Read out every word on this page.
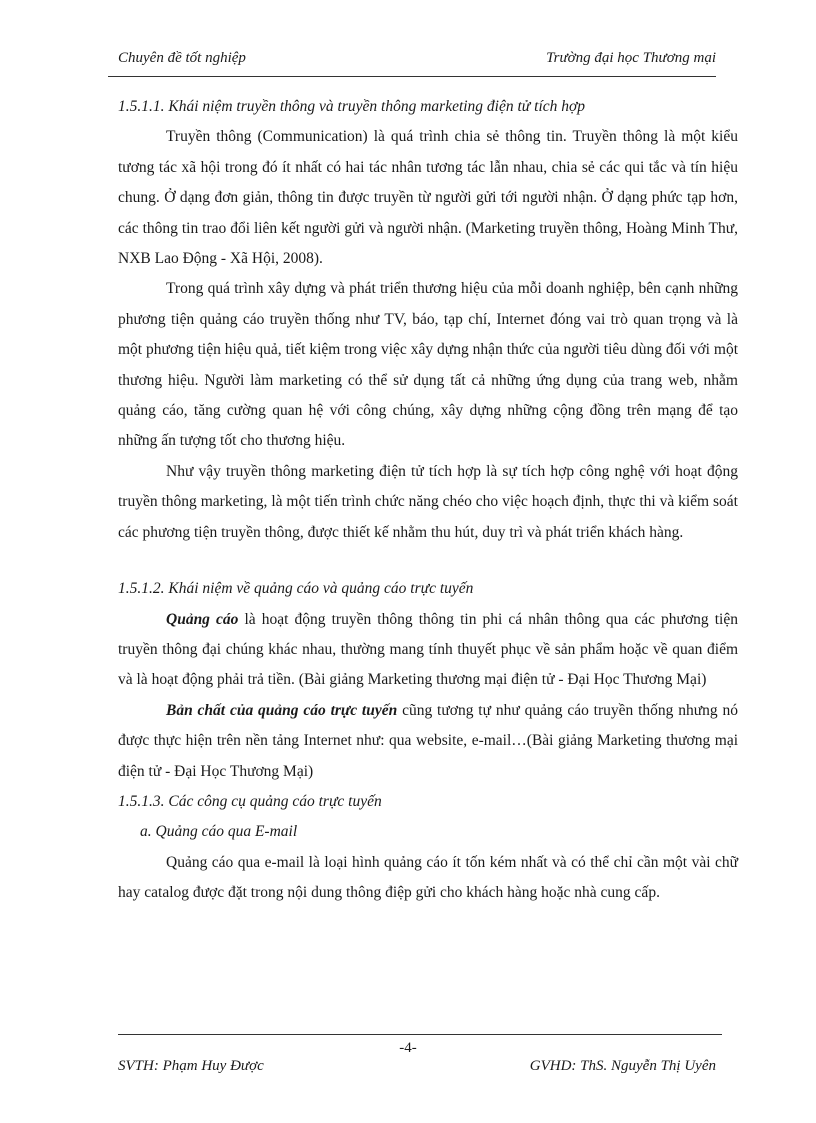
Chuyên đề tốt nghiệp	Trường đại học Thương mại

1.5.1.1. Khái niệm truyền thông và truyền thông marketing điện tử tích hợp

Truyền thông (Communication) là quá trình chia sẻ thông tin. Truyền thông là một kiểu tương tác xã hội trong đó ít nhất có hai tác nhân tương tác lẫn nhau, chia sẻ các qui tắc và tín hiệu chung. Ở dạng đơn giản, thông tin được truyền từ người gửi tới người nhận. Ở dạng phức tạp hơn, các thông tin trao đổi liên kết người gửi và người nhận. (Marketing truyền thông, Hoàng Minh Thư, NXB Lao Động - Xã Hội, 2008).

Trong quá trình xây dựng và phát triển thương hiệu của mỗi doanh nghiệp, bên cạnh những phương tiện quảng cáo truyền thống như TV, báo, tạp chí, Internet đóng vai trò quan trọng và là một phương tiện hiệu quả, tiết kiệm trong việc xây dựng nhận thức của người tiêu dùng đối với một thương hiệu. Người làm marketing có thể sử dụng tất cả những ứng dụng của trang web, nhằm quảng cáo, tăng cường quan hệ với công chúng, xây dựng những cộng đồng trên mạng để tạo những ấn tượng tốt cho thương hiệu.

Như vậy truyền thông marketing điện tử tích hợp là sự tích hợp công nghệ với hoạt động truyền thông marketing, là một tiến trình chức năng chéo cho việc hoạch định, thực thi và kiểm soát các phương tiện truyền thông, được thiết kế nhằm thu hút, duy trì và phát triển khách hàng.

1.5.1.2. Khái niệm về quảng cáo và quảng cáo trực tuyến

Quảng cáo là hoạt động truyền thông thông tin phi cá nhân thông qua các phương tiện truyền thông đại chúng khác nhau, thường mang tính thuyết phục về sản phẩm hoặc về quan điểm và là hoạt động phải trả tiền. (Bài giảng Marketing thương mại điện tử - Đại Học Thương Mại)

Bản chất của quảng cáo trực tuyến cũng tương tự như quảng cáo truyền thống nhưng nó được thực hiện trên nền tảng Internet như: qua website, e-mail…(Bài giảng Marketing thương mại điện tử - Đại Học Thương Mại)

1.5.1.3. Các công cụ quảng cáo trực tuyến

a. Quảng cáo qua E-mail

Quảng cáo qua e-mail là loại hình quảng cáo ít tốn kém nhất và có thể chỉ cần một vài chữ hay catalog được đặt trong nội dung thông điệp gửi cho khách hàng hoặc nhà cung cấp.

-4-
SVTH: Phạm Huy Được	GVHD: ThS. Nguyễn Thị Uyên
